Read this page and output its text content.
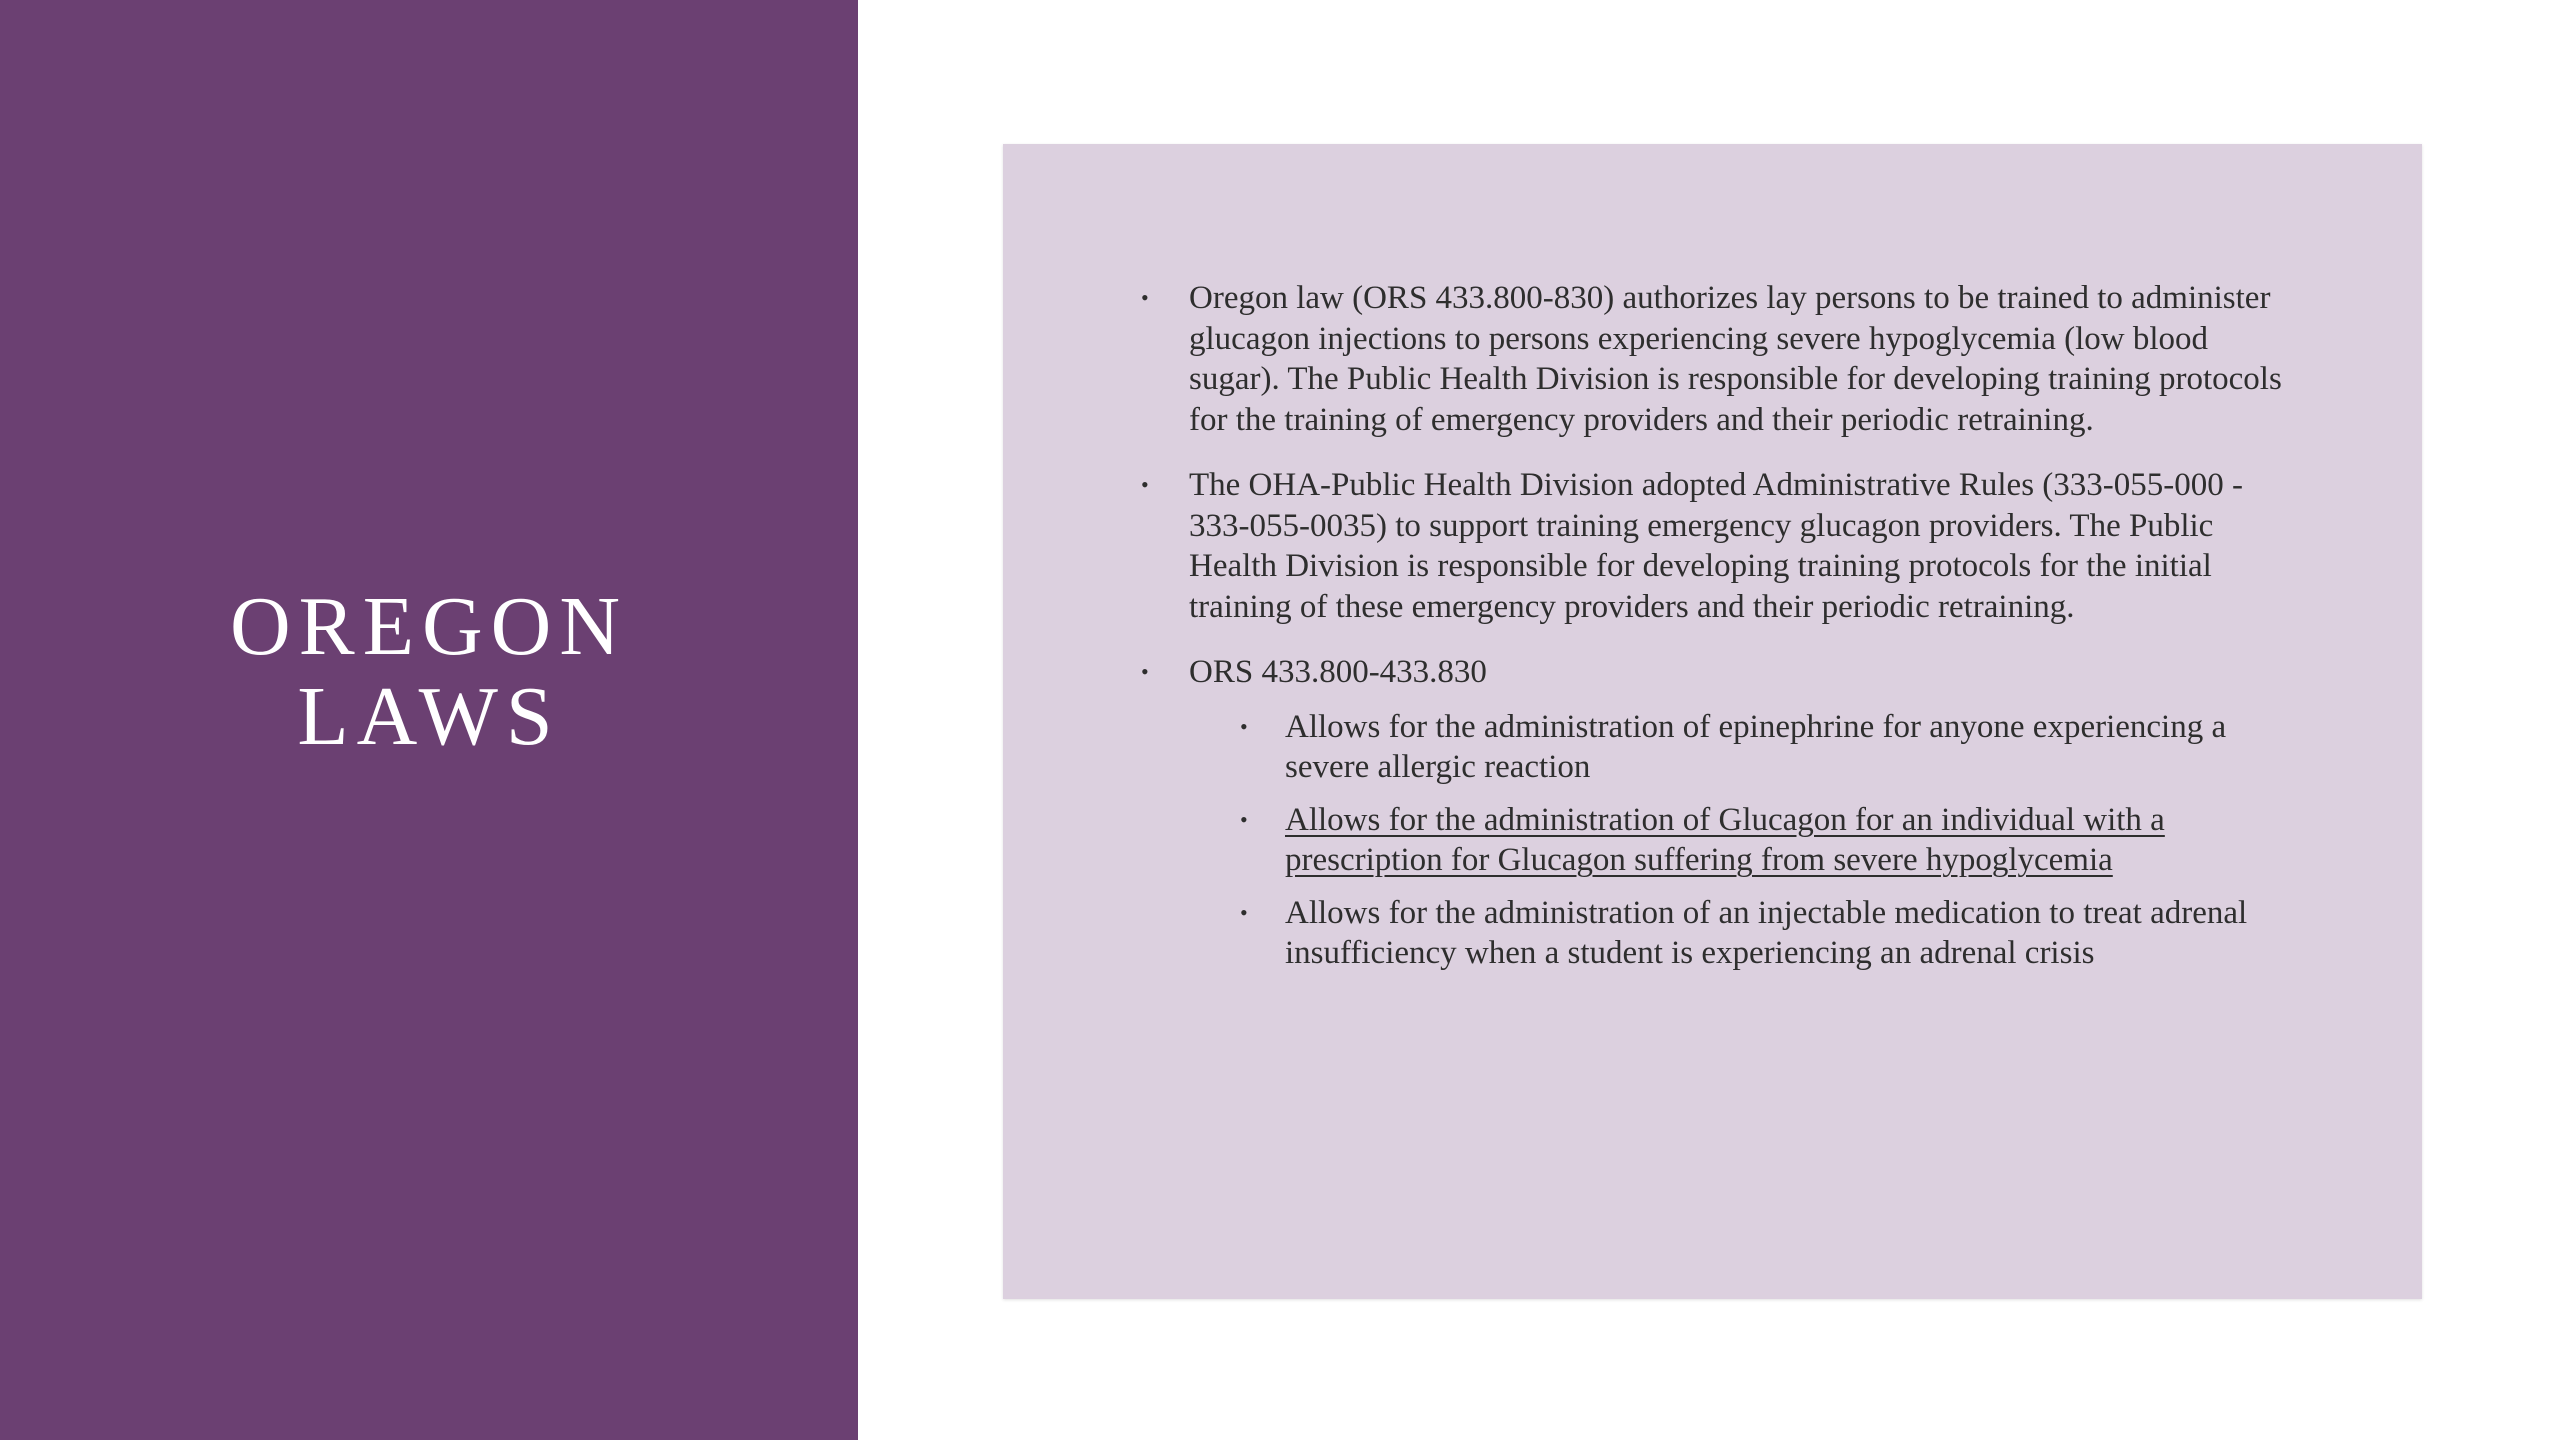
OREGON
LAWS
• Oregon law (ORS 433.800-830) authorizes lay persons to be trained to administer glucagon injections to persons experiencing severe hypoglycemia (low blood sugar). The Public Health Division is responsible for developing training protocols for the training of emergency providers and their periodic retraining.
• The OHA-Public Health Division adopted Administrative Rules (333-055-000 - 333-055-0035) to support training emergency glucagon providers. The Public Health Division is responsible for developing training protocols for the initial training of these emergency providers and their periodic retraining.
• ORS 433.800-433.830
• Allows for the administration of epinephrine for anyone experiencing a severe allergic reaction
• Allows for the administration of Glucagon for an individual with a prescription for Glucagon suffering from severe hypoglycemia
• Allows for the administration of an injectable medication to treat adrenal insufficiency when a student is experiencing an adrenal crisis
